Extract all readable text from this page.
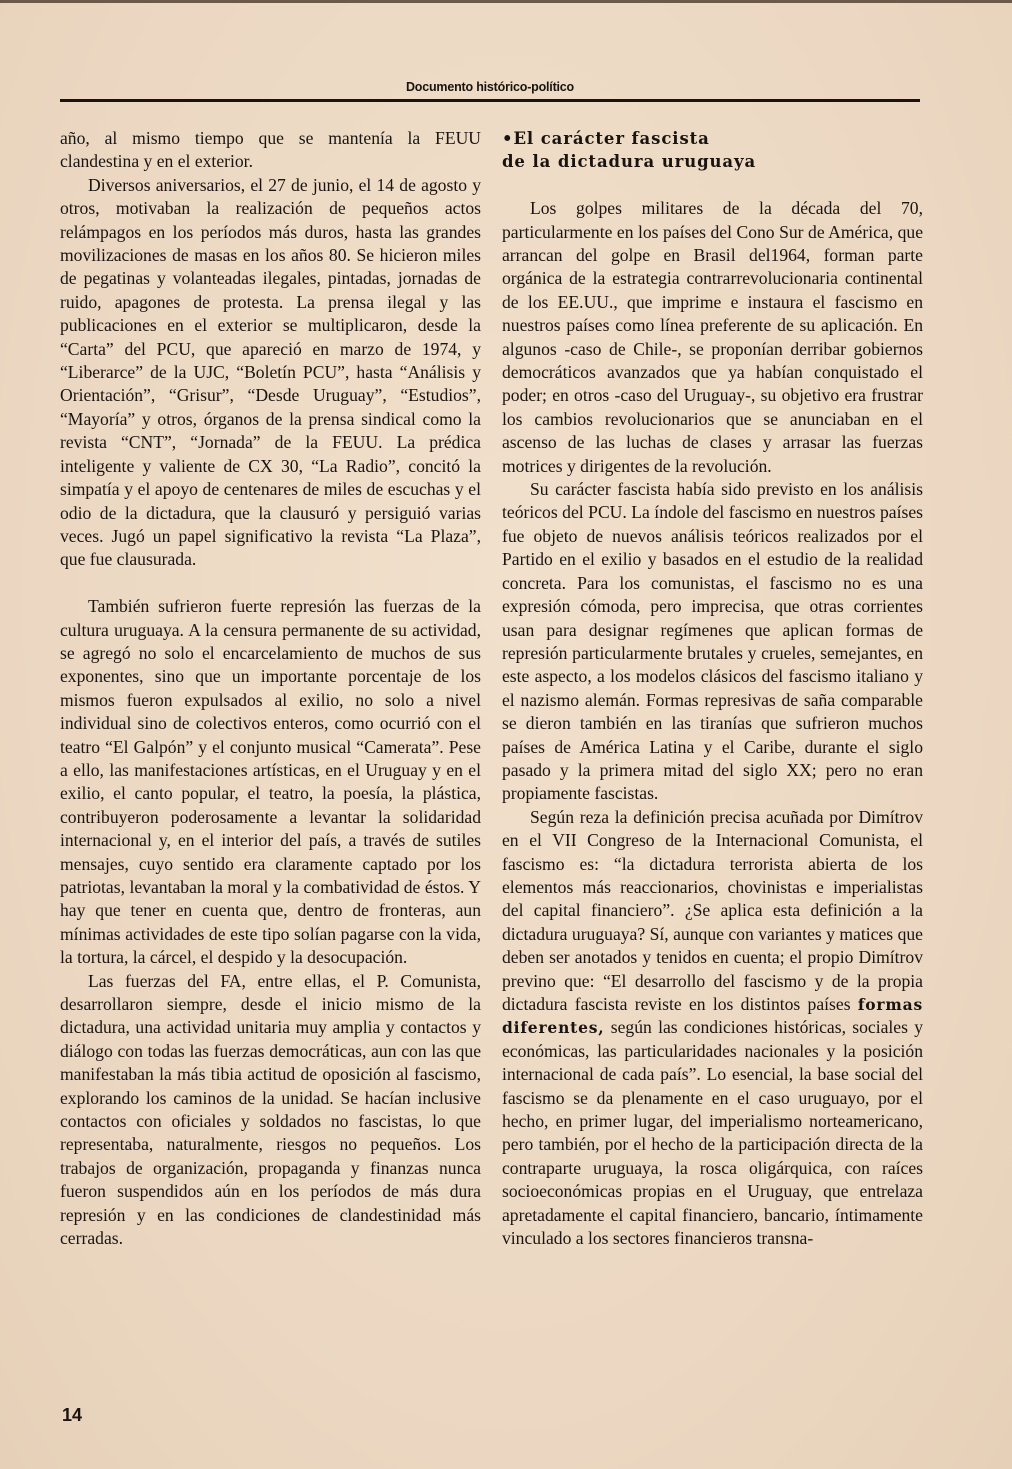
Documento histórico-político

año, al mismo tiempo que se mantenía la FEUU clandestina y en el exterior.

Diversos aniversarios, el 27 de junio, el 14 de agosto y otros, motivaban la realización de pequeños actos relámpagos en los períodos más duros, hasta las grandes movilizaciones de masas en los años 80. Se hicieron miles de pegatinas y volanteadas ilegales, pintadas, jornadas de ruido, apagones de protesta. La prensa ilegal y las publicaciones en el exterior se multiplicaron, desde la “Carta” del PCU, que apareció en marzo de 1974, y “Liberarce” de la UJC, “Boletín PCU”, hasta “Análisis y Orientación”, “Grisur”, “Desde Uruguay”, “Estudios”, “Mayoría” y otros, órganos de la prensa sindical como la revista “CNT”, “Jornada” de la FEUU. La prédica inteligente y valiente de CX 30, “La Radio”, concitó la simpatía y el apoyo de centenares de miles de escuchas y el odio de la dictadura, que la clausuró y persiguió varias veces. Jugó un papel significativo la revista “La Plaza”, que fue clausurada.

También sufrieron fuerte represión las fuerzas de la cultura uruguaya. A la censura permanente de su actividad, se agregó no solo el encarcelamiento de muchos de sus exponentes, sino que un importante porcentaje de los mismos fueron expulsados al exilio, no solo a nivel individual sino de colectivos enteros, como ocurrió con el teatro “El Galpón” y el conjunto musical “Camerata”. Pese a ello, las manifestaciones artísticas, en el Uruguay y en el exilio, el canto popular, el teatro, la poesía, la plástica, contribuyeron poderosamente a levantar la solidaridad internacional y, en el interior del país, a través de sutiles mensajes, cuyo sentido era claramente captado por los patriotas, levantaban la moral y la combatividad de éstos. Y hay que tener en cuenta que, dentro de fronteras, aun mínimas actividades de este tipo solían pagarse con la vida, la tortura, la cárcel, el despido y la desocupación.

Las fuerzas del FA, entre ellas, el P. Comunista, desarrollaron siempre, desde el inicio mismo de la dictadura, una actividad unitaria muy amplia y contactos y diálogo con todas las fuerzas democráticas, aun con las que manifestaban la más tibia actitud de oposición al fascismo, explorando los caminos de la unidad. Se hacían inclusive contactos con oficiales y soldados no fascistas, lo que representaba, naturalmente, riesgos no pequeños. Los trabajos de organización, propaganda y finanzas nunca fueron suspendidos aún en los períodos de más dura represión y en las condiciones de clandestinidad más cerradas.

•El carácter fascista
de la dictadura uruguaya

Los golpes militares de la década del 70, particularmente en los países del Cono Sur de América, que arrancan del golpe en Brasil del1964, forman parte orgánica de la estrategia contrarrevolucionaria continental de los EE.UU., que imprime e instaura el fascismo en nuestros países como línea preferente de su aplicación. En algunos -caso de Chile-, se proponían derribar gobiernos democráticos avanzados que ya habían conquistado el poder; en otros -caso del Uruguay-, su objetivo era frustrar los cambios revolucionarios que se anunciaban en el ascenso de las luchas de clases y arrasar las fuerzas motrices y dirigentes de la revolución.

Su carácter fascista había sido previsto en los análisis teóricos del PCU. La índole del fascismo en nuestros países fue objeto de nuevos análisis teóricos realizados por el Partido en el exilio y basados en el estudio de la realidad concreta. Para los comunistas, el fascismo no es una expresión cómoda, pero imprecisa, que otras corrientes usan para designar regímenes que aplican formas de represión particularmente brutales y crueles, semejantes, en este aspecto, a los modelos clásicos del fascismo italiano y el nazismo alemán. Formas represivas de saña comparable se dieron también en las tiranías que sufrieron muchos países de América Latina y el Caribe, durante el siglo pasado y la primera mitad del siglo XX; pero no eran propiamente fascistas.

Según reza la definición precisa acuñada por Dimítrov en el VII Congreso de la Internacional Comunista, el fascismo es: “la dictadura terrorista abierta de los elementos más reaccionarios, chovinistas e imperialistas del capital financiero”. ¿Se aplica esta definición a la dictadura uruguaya? Sí, aunque con variantes y matices que deben ser anotados y tenidos en cuenta; el propio Dimítrov previno que: “El desarrollo del fascismo y de la propia dictadura fascista reviste en los distintos países formas diferentes, según las condiciones históricas, sociales y económicas, las particularidades nacionales y la posición internacional de cada país”. Lo esencial, la base social del fascismo se da plenamente en el caso uruguayo, por el hecho, en primer lugar, del imperialismo norteamericano, pero también, por el hecho de la participación directa de la contraparte uruguaya, la rosca oligárquica, con raíces socioeconómicas propias en el Uruguay, que entrelaza apretadamente el capital financiero, bancario, íntimamente vinculado a los sectores financieros transna-

14
